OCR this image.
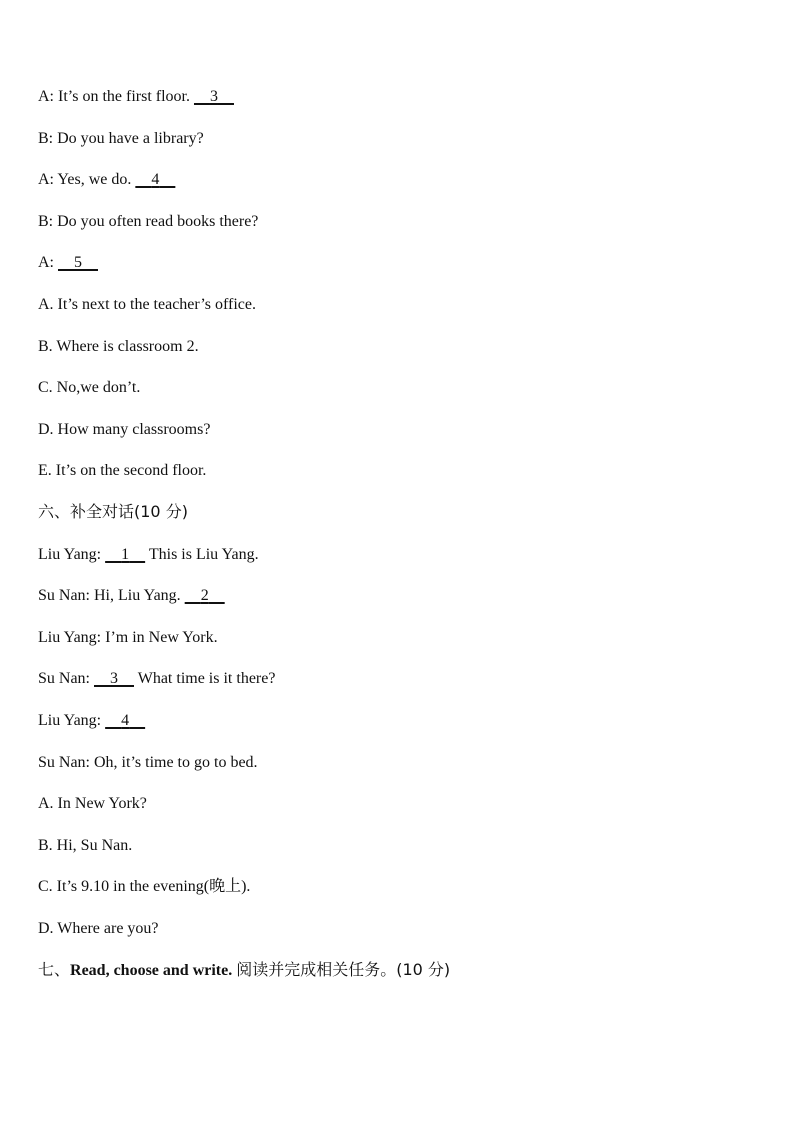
A: It’s on the first floor. 3
B: Do you have a library?
A: Yes, we do. 4
B: Do you often read books there?
A: 5
A. It’s next to the teacher’s office.
B. Where is classroom 2.
C. No,we don’t.
D. How many classrooms?
E. It’s on the second floor.
六、补全对话(10 分)
Liu Yang: 1 This is Liu Yang.
Su Nan: Hi, Liu Yang. 2
Liu Yang: I’m in New York.
Su Nan: 3 What time is it there?
Liu Yang: 4
Su Nan: Oh, it’s time to go to bed.
A. In New York?
B. Hi, Su Nan.
C. It’s 9.10 in the evening(晚上).
D. Where are you?
七、Read, choose and write. 阅读并完成相关任务。(10 分)
